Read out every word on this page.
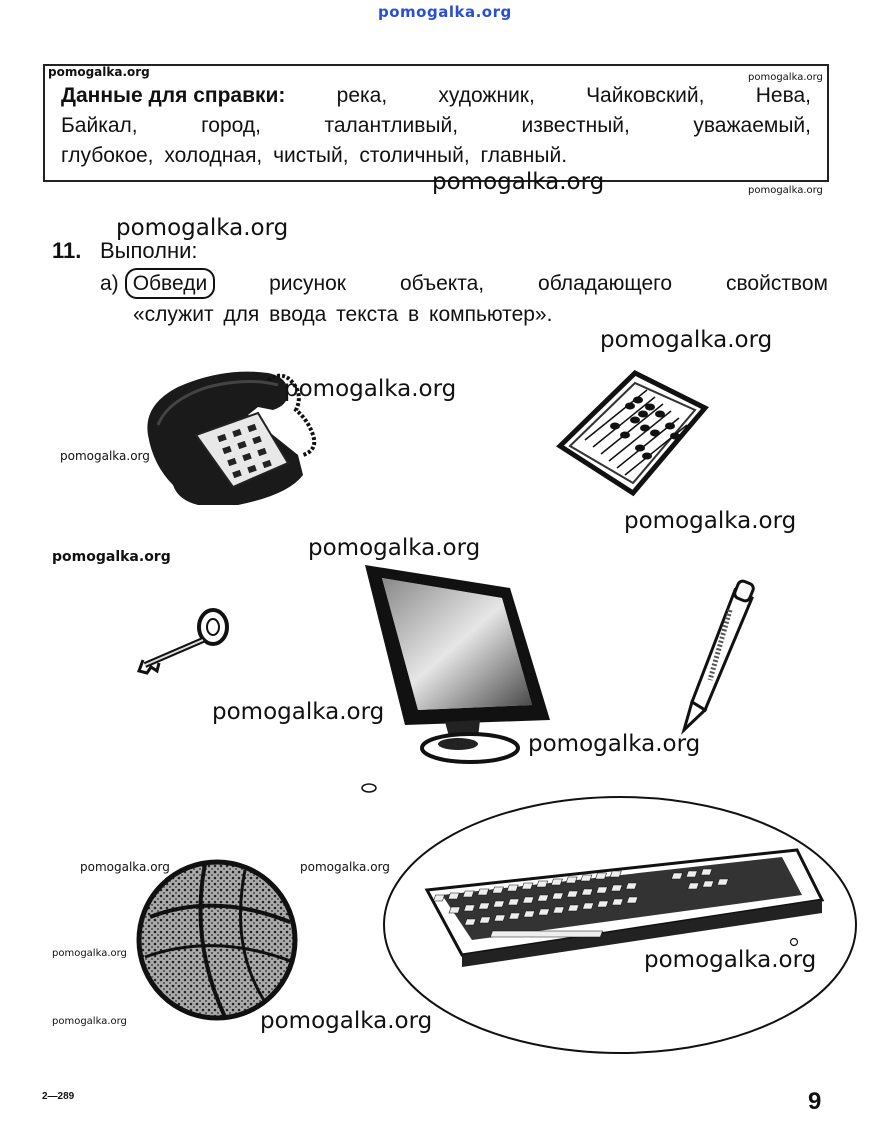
pomogalka.org
Данные для справки: река, художник, Чайковский, Нева,
Байкал,	город,	талантливый,	известный,	уважаемый,
глубокое, холодная, чистый, столичный, главный.
11. Выполни:
а) Обведи	рисунок	объекта,	обладающего	свойством
«служит для ввода текста в компьютер».
pomogalka.org	pomogalka.org
pomogalka.org	pomogalka.org
pomogalka.org
pomogalka.org
pomogalka.org
pomogalka.org
pomogalka.org
pomogalka.org
pomogalka.org
pomogalka.org
pomogalka.org
pomogalka.org	pomogalka.org
pomogalka.org	pomogalka.org
pomogalka.org	pomogalka.org
2—289	9
